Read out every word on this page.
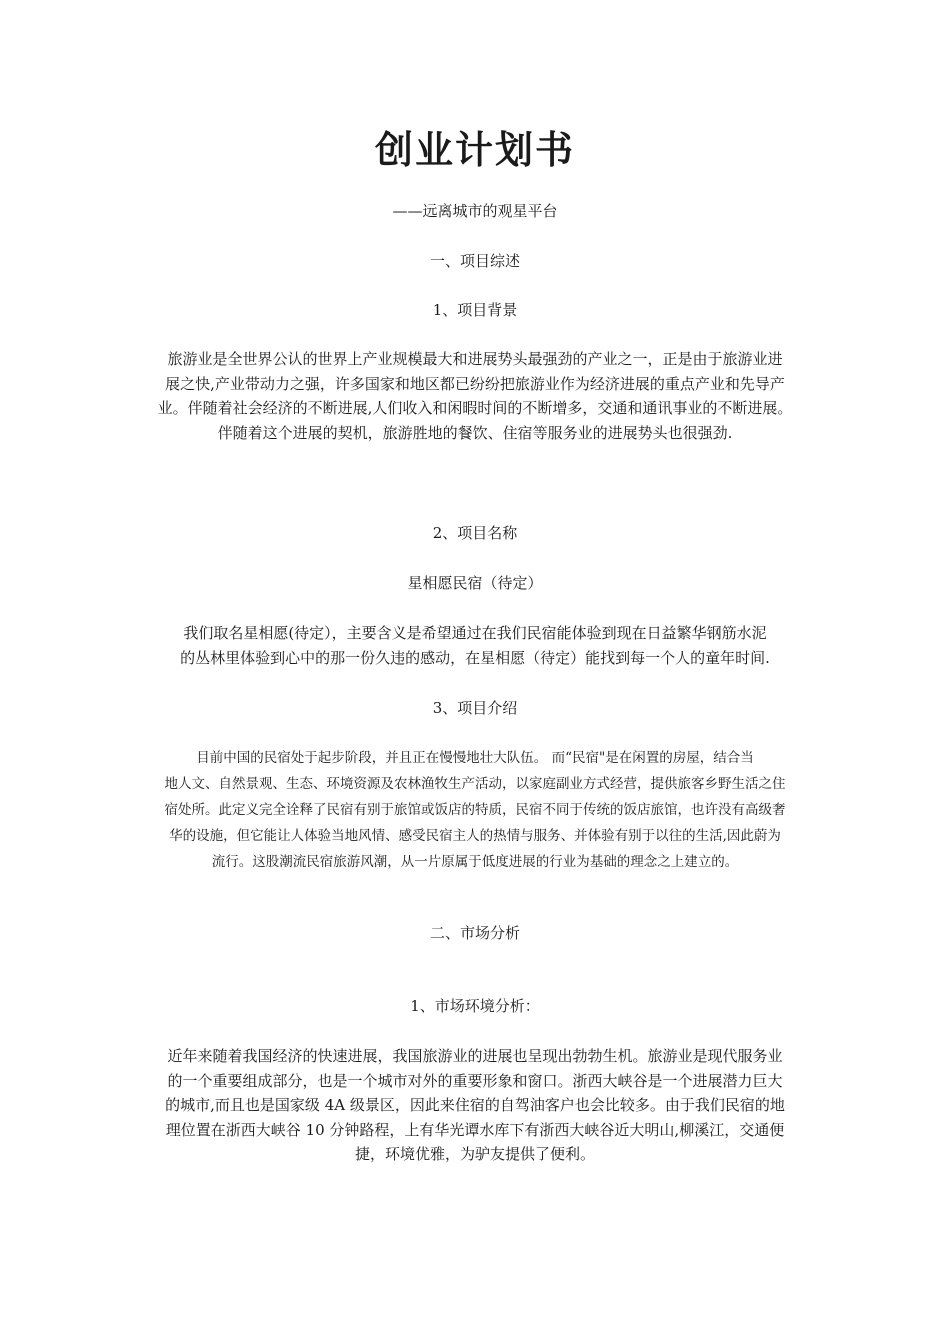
创业计划书
——远离城市的观星平台
一、项目综述
1、项目背景
旅游业是全世界公认的世界上产业规模最大和进展势头最强劲的产业之一，正是由于旅游业进
展之快,产业带动力之强，许多国家和地区都已纷纷把旅游业作为经济进展的重点产业和先导产
业。伴随着社会经济的不断进展,人们收入和闲暇时间的不断增多，交通和通讯事业的不断进展。
伴随着这个进展的契机，旅游胜地的餐饮、住宿等服务业的进展势头也很强劲.
2、项目名称
星相愿民宿（待定）
我们取名星相愿(待定），主要含义是希望通过在我们民宿能体验到现在日益繁华钢筋水泥
的丛林里体验到心中的那一份久违的感动，在星相愿（待定）能找到每一个人的童年时间.
3、项目介绍
目前中国的民宿处于起步阶段，并且正在慢慢地壮大队伍。 而“民宿"是在闲置的房屋，结合当
地人文、自然景观、生态、环境资源及农林渔牧生产活动，以家庭副业方式经营，提供旅客乡野生活之住
宿处所。此定义完全诠释了民宿有别于旅馆或饭店的特质，民宿不同于传统的饭店旅馆，也许没有高级奢
华的设施，但它能让人体验当地风情、感受民宿主人的热情与服务、并体验有别于以往的生活,因此蔚为
流行。这股潮流民宿旅游风潮，从一片原属于低度进展的行业为基础的理念之上建立的。
二、市场分析
1、市场环境分析：
近年来随着我国经济的快速进展，我国旅游业的进展也呈现出勃勃生机。旅游业是现代服务业
的一个重要组成部分，也是一个城市对外的重要形象和窗口。浙西大峡谷是一个进展潜力巨大
的城市,而且也是国家级 4A 级景区，因此来住宿的自驾油客户也会比较多。由于我们民宿的地
理位置在浙西大峡谷 10 分钟路程，上有华光谭水库下有浙西大峡谷近大明山,柳溪江，交通便
捷，环境优雅，为驴友提供了便利。
